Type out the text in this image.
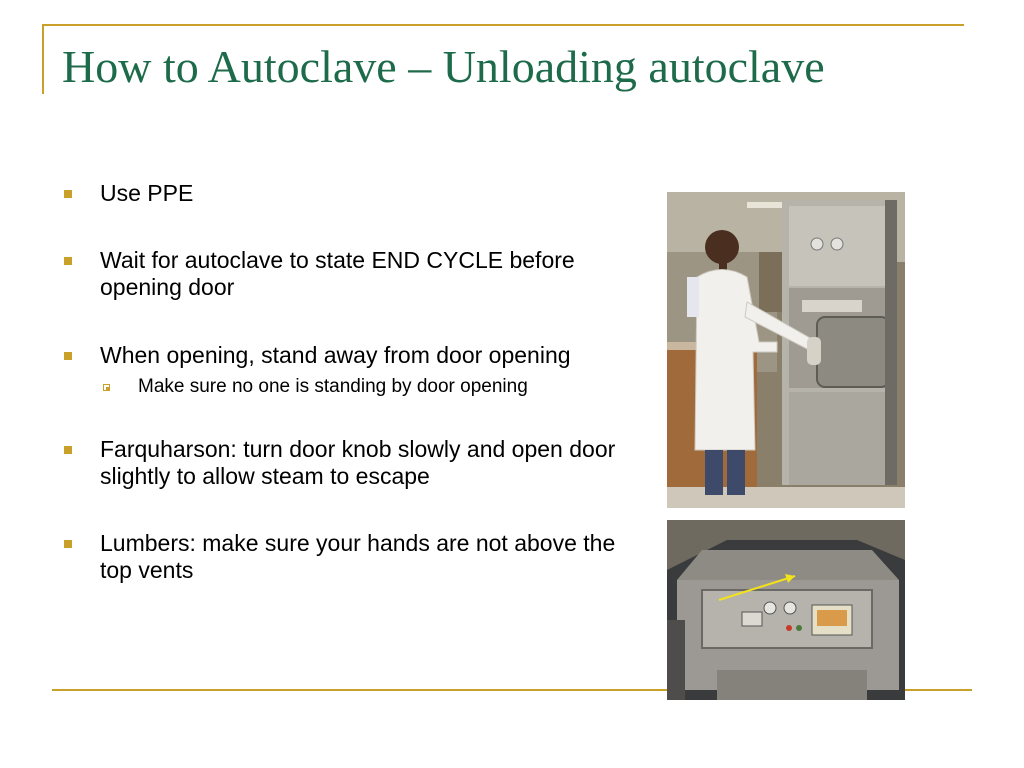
How to Autoclave – Unloading autoclave
Use PPE
Wait for autoclave to state END CYCLE before opening door
When opening, stand away from door opening
Make sure no one is standing by door opening
Farquharson: turn door knob slowly and open door slightly to allow steam to escape
Lumbers: make sure your hands are not above the top vents
